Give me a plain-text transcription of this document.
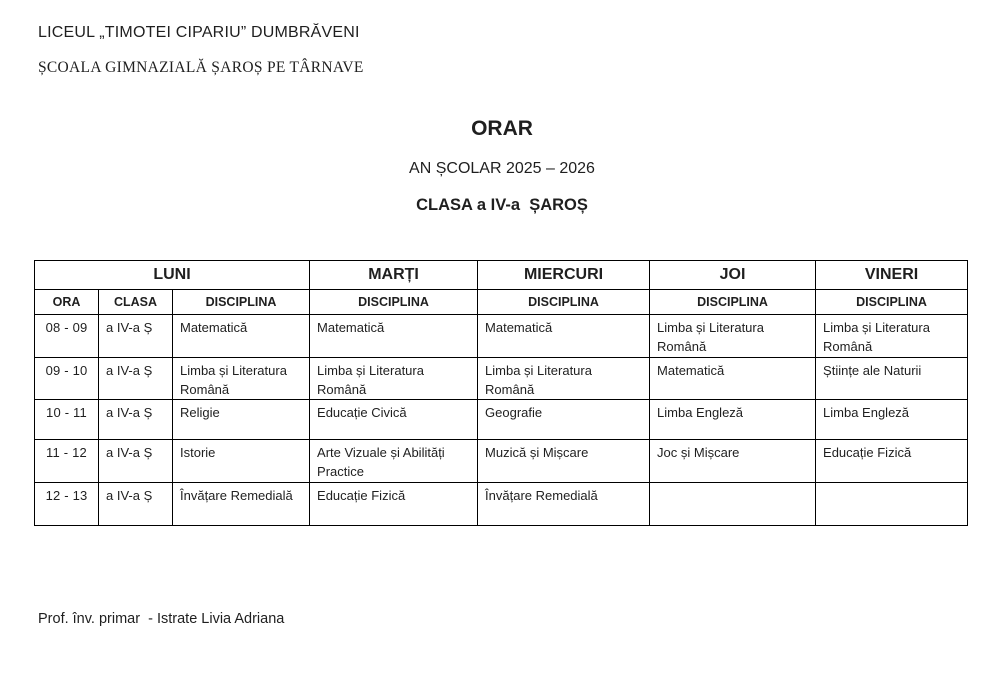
LICEUL „TIMOTEI CIPARIU” DUMBRĂVENI
ȘCOALA GIMNAZIALĂ ȘAROȘ PE TÂRNAVE
ORAR
AN ȘCOLAR 2025 – 2026
CLASA a IV-a  ȘAROȘ
LUNI			MARȚI	MIERCURI	JOI	VINERI
ORA	CLASA	DISCIPLINA	DISCIPLINA	DISCIPLINA	DISCIPLINA	DISCIPLINA
08 - 09	a IV-a Ș	Matematică	Matematică	Matematică	Limba și Literatura Română	Limba și Literatura Română
09 - 10	a IV-a Ș	Limba și Literatura Română	Limba și Literatura Română	Limba și Literatura Română	Matematică	Științe ale Naturii
10 - 11	a IV-a Ș	Religie	Educație Civică	Geografie	Limba Engleză	Limba Engleză
11 - 12	a IV-a Ș	Istorie	Arte Vizuale și Abilități Practice	Muzică și Mișcare	Joc și Mișcare	Educație Fizică
12 - 13	a IV-a Ș	Învățare Remedială	Educație Fizică	Învățare Remedială		
Prof. înv. primar  - Istrate Livia Adriana
